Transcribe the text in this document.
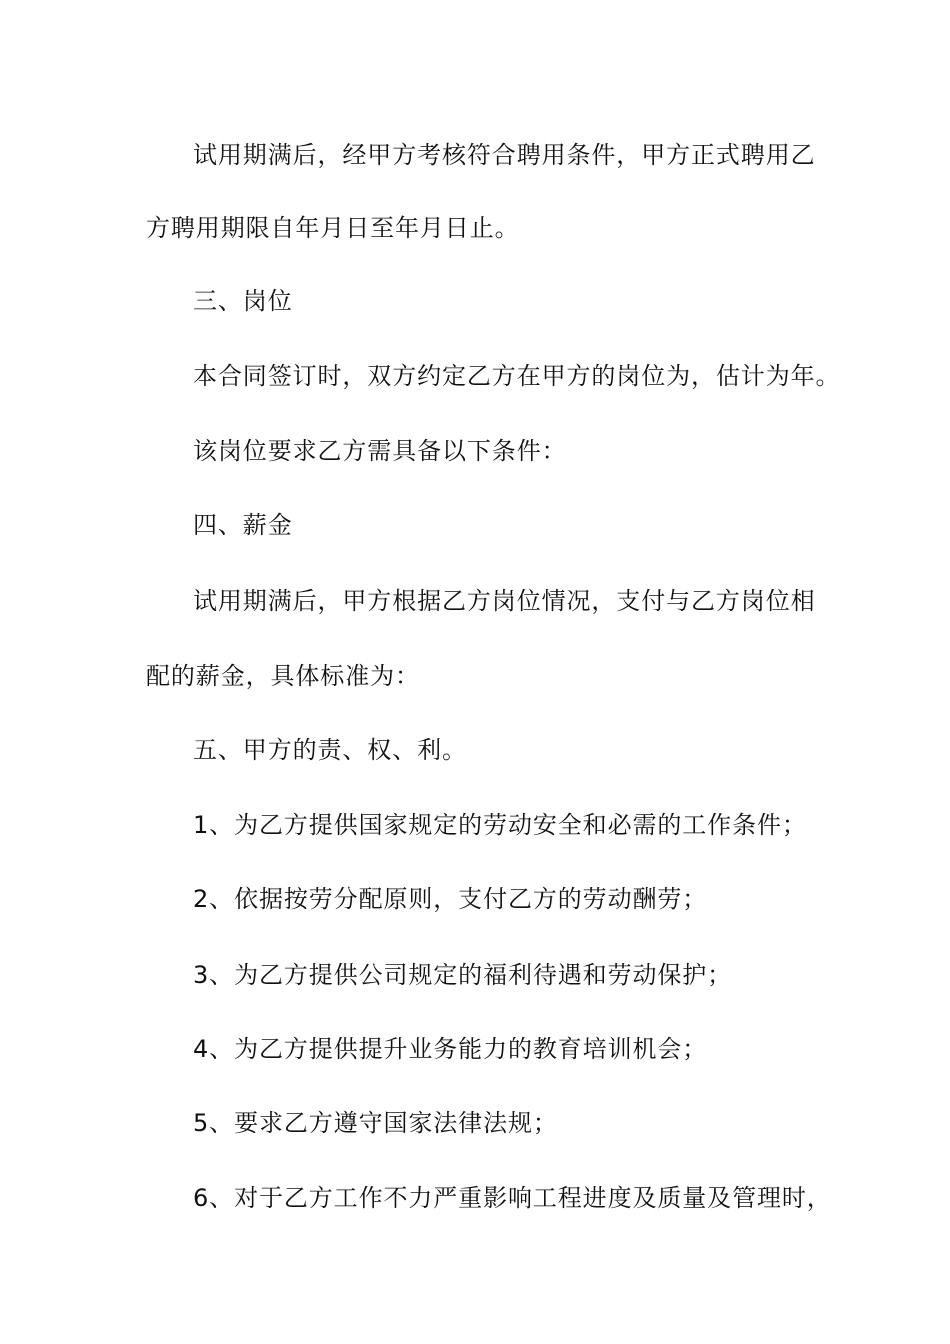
试用期满后，经甲方考核符合聘用条件，甲方正式聘用乙
方聘用期限自年月日至年月日止。
三、岗位
本合同签订时，双方约定乙方在甲方的岗位为，估计为年。
该岗位要求乙方需具备以下条件：
四、薪金
试用期满后，甲方根据乙方岗位情况，支付与乙方岗位相
配的薪金，具体标准为：
五、甲方的责、权、利。
1、为乙方提供国家规定的劳动安全和必需的工作条件；
2、依据按劳分配原则，支付乙方的劳动酬劳；
3、为乙方提供公司规定的福利待遇和劳动保护；
4、为乙方提供提升业务能力的教育培训机会；
5、要求乙方遵守国家法律法规；
6、对于乙方工作不力严重影响工程进度及质量及管理时，
